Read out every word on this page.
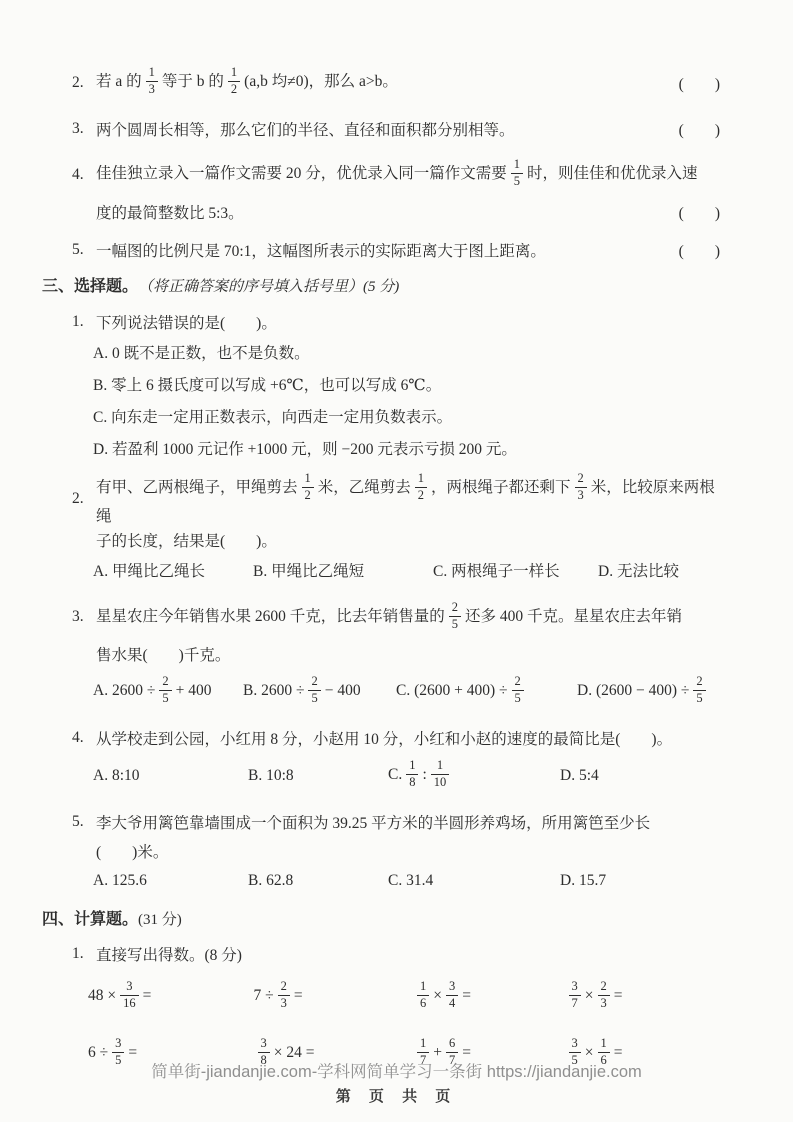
2. 若 a 的 $\frac{1}{3}$ 等于 b 的 $\frac{1}{2} (a,b$ 均≠0)，那么 a>b。	(　　)
3. 两个圆周长相等，那么它们的半径、直径和面积都分别相等。	(　　)
4. 佳佳独立录入一篇作文需要 20 分，优优录入同一篇作文需要 $\frac{1}{5}$ 时，则佳佳和优优录入速
度的最简整数比 5:3。	(　　)
5. 一幅图的比例尺是 70:1，这幅图所表示的实际距离大于图上距离。	(　　)
三、选择题。 （将正确答案的序号填入括号里）(5 分)
1. 下列说法错误的是(　　)。
A. 0 既不是正数，也不是负数。
B. 零上 6 摄氏度可以写成 +6℃，也可以写成 6℃。
C. 向东走一定用正数表示，向西走一定用负数表示。
D. 若盈利 1000 元记作 +1000 元，则 −200 元表示亏损 200 元。
2.
有甲、乙两根绳子，甲绳剪去 $\frac{1}{2}$ 米，乙绳剪去 $\frac{1}{2}$ ，两根绳子都还剩下 $\frac{2}{3}$ 米，比较原来两根绳
子的长度，结果是(　　)。
A. 甲绳比乙绳长	B. 甲绳比乙绳短	C. 两根绳子一样长 D. 无法比较
3. 星星农庄今年销售水果 2600 千克，比去年销售量的 $\frac{2}{5}$ 还多 400 千克。星星农庄去年销
售水果(　　)千克。
A. $2600 \div \frac{2}{5} + 400$ B. $2600 \div \frac{2}{5} - 400$ C. $(2600 + 400) \div \frac{2}{5}$	D. $(2600 - 400) \div \frac{2}{5}$
4. 从学校走到公园，小红用 8 分，小赵用 10 分，小红和小赵的速度的最简比是(　　)。
A. 8:10	B. 10:8	C. $\frac{1}{8}$ : $\frac{1}{10}$	D. 5:4
5. 李大爷用篱笆靠墙围成一个面积为 39.25 平方米的半圆形养鸡场，所用篱笆至少长
(　　)米。
A. 125.6	B. 62.8	C. 31.4	D. 15.7
四、计算题。 (31 分)
1. 直接写出得数。(8 分)
$48 \times \frac{3}{16}$ =	$7 \div \frac{2}{3}$ =	$\frac{1}{6} \times \frac{3}{4}$ =	$\frac{3}{7} \times \frac{2}{3}$ =
$6 \div \frac{3}{5}$ =	$\frac{3}{8} \times 24$ =	$\frac{1}{7} + \frac{6}{7}$ =	$\frac{3}{5} \times \frac{1}{6}$ =
简单街-jiandanjie.com-学科网简单学习一条街 https://jiandanjie.com
第 页 共 页
